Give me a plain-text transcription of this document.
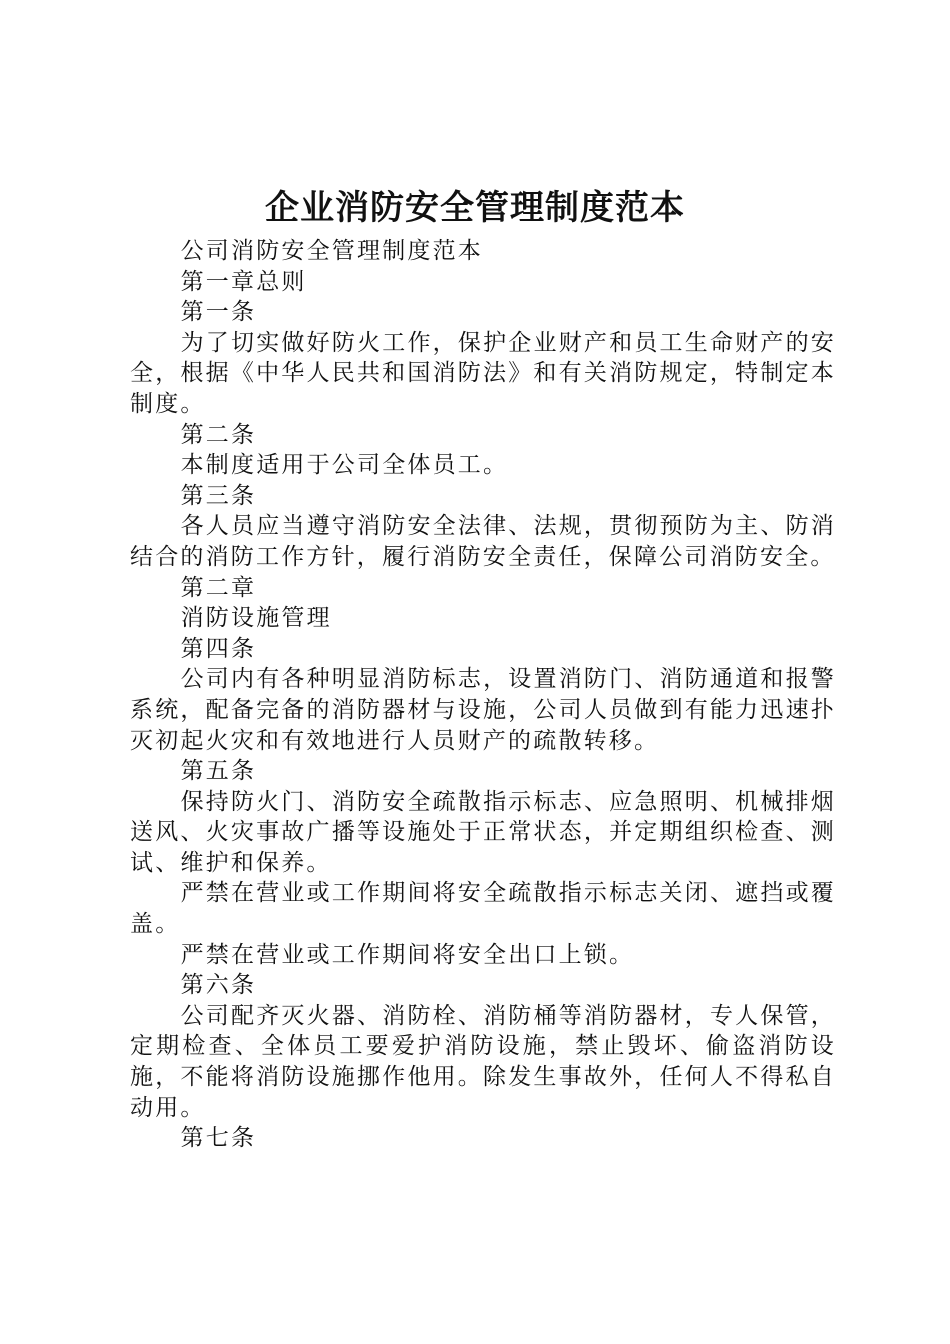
企业消防安全管理制度范本

公司消防安全管理制度范本

第一章总则

第一条

为了切实做好防火工作，保护企业财产和员工生命财产的安全，根据《中华人民共和国消防法》和有关消防规定，特制定本制度。

第二条

本制度适用于公司全体员工。

第三条

各人员应当遵守消防安全法律、法规，贯彻预防为主、防消结合的消防工作方针，履行消防安全责任，保障公司消防安全。

第二章

消防设施管理

第四条

公司内有各种明显消防标志，设置消防门、消防通道和报警系统，配备完备的消防器材与设施，公司人员做到有能力迅速扑灭初起火灾和有效地进行人员财产的疏散转移。

第五条

保持防火门、消防安全疏散指示标志、应急照明、机械排烟送风、火灾事故广播等设施处于正常状态，并定期组织检查、测试、维护和保养。

严禁在营业或工作期间将安全疏散指示标志关闭、遮挡或覆盖。

严禁在营业或工作期间将安全出口上锁。

第六条

公司配齐灭火器、消防栓、消防桶等消防器材，专人保管，定期检查、全体员工要爱护消防设施，禁止毁坏、偷盗消防设施，不能将消防设施挪作他用。除发生事故外，任何人不得私自动用。

第七条
